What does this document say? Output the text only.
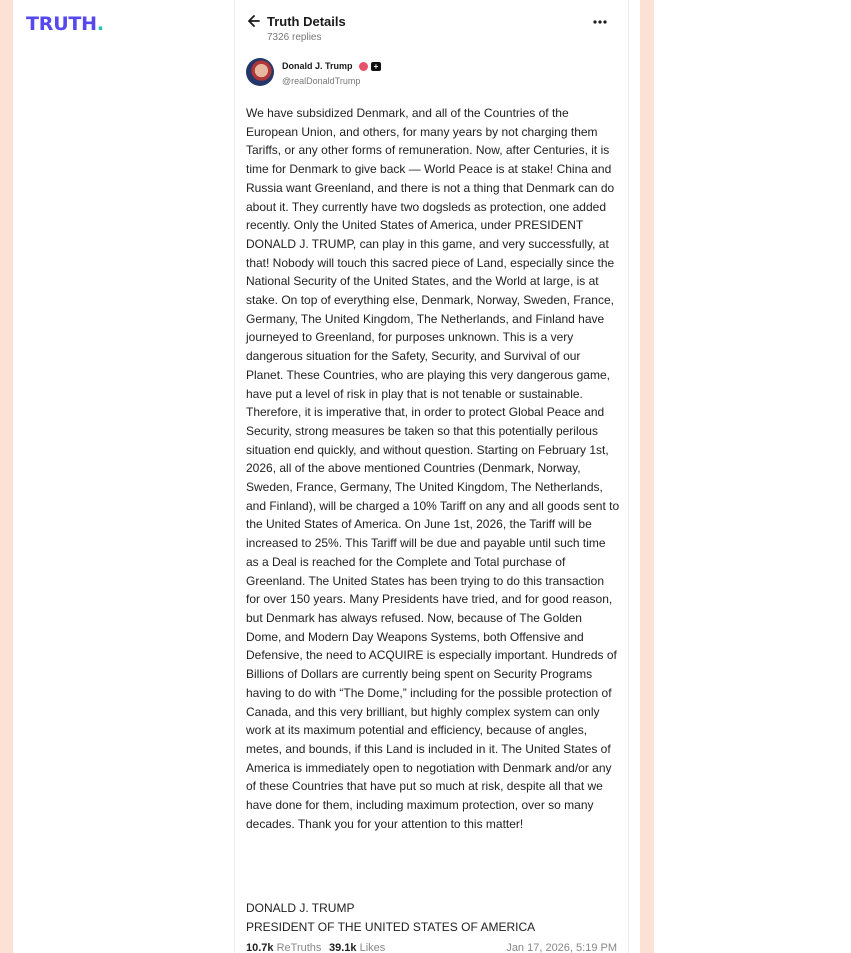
TRUTH.	Truth Details
7326 replies
Donald J. Trump	+
@realDonaldTrump
We have subsidized Denmark, and all of the Countries of the European Union, and others, for many years by not charging them Tariffs, or any other forms of remuneration. Now, after Centuries, it is time for Denmark to give back — World Peace is at stake! China and Russia want Greenland, and there is not a thing that Denmark can do about it. They currently have two dogsleds as protection, one added recently. Only the United States of America, under PRESIDENT DONALD J. TRUMP, can play in this game, and very successfully, at that! Nobody will touch this sacred piece of Land, especially since the National Security of the United States, and the World at large, is at stake. On top of everything else, Denmark, Norway, Sweden, France, Germany, The United Kingdom, The Netherlands, and Finland have journeyed to Greenland, for purposes unknown. This is a very dangerous situation for the Safety, Security, and Survival of our Planet. These Countries, who are playing this very dangerous game, have put a level of risk in play that is not tenable or sustainable. Therefore, it is imperative that, in order to protect Global Peace and Security, strong measures be taken so that this potentially perilous situation end quickly, and without question. Starting on February 1st, 2026, all of the above mentioned Countries (Denmark, Norway, Sweden, France, Germany, The United Kingdom, The Netherlands, and Finland), will be charged a 10% Tariff on any and all goods sent to the United States of America. On June 1st, 2026, the Tariff will be increased to 25%. This Tariff will be due and payable until such time as a Deal is reached for the Complete and Total purchase of Greenland. The United States has been trying to do this transaction for over 150 years. Many Presidents have tried, and for good reason, but Denmark has always refused. Now, because of The Golden Dome, and Modern Day Weapons Systems, both Offensive and Defensive, the need to ACQUIRE is especially important. Hundreds of Billions of Dollars are currently being spent on Security Programs having to do with “The Dome,” including for the possible protection of Canada, and this very brilliant, but highly complex system can only work at its maximum potential and efficiency, because of angles, metes, and bounds, if this Land is included in it. The United States of America is immediately open to negotiation with Denmark and/or any of these Countries that have put so much at risk, despite all that we have done for them, including maximum protection, over so many decades. Thank you for your attention to this matter!
DONALD J. TRUMP
PRESIDENT OF THE UNITED STATES OF AMERICA
10.7k ReTruths 39.1k Likes	Jan 17, 2026, 5:19 PM
